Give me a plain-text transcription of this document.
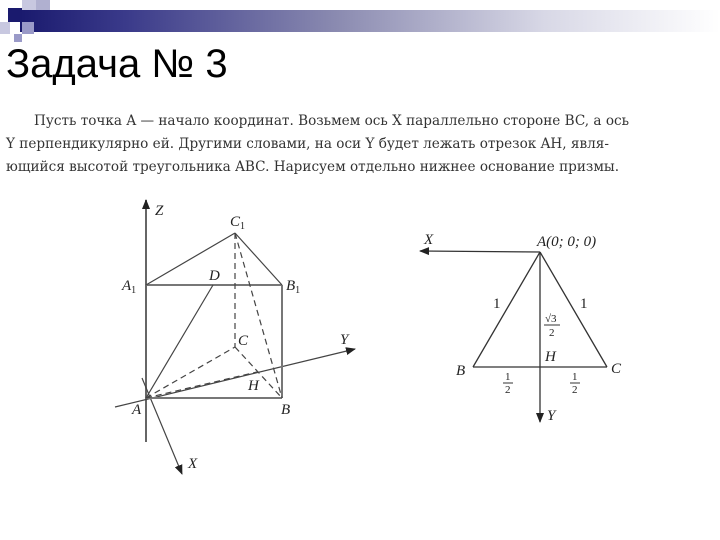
Задача № 3
Пусть точка A — начало координат. Возьмем ось X параллельно стороне BC, а ось
Y перпендикулярно ей. Другими словами, на оси Y будет лежать отрезок AH, явля-
ющийся высотой треугольника ABC. Нарисуем отдельно нижнее основание призмы.
Z
$C_1$
$A_1$	$B_1$
D
C	Y
H
A	B
X
X	A(0; 0; 0)
1	1
√3
2
H
B	C
1
2
1
2
Y
